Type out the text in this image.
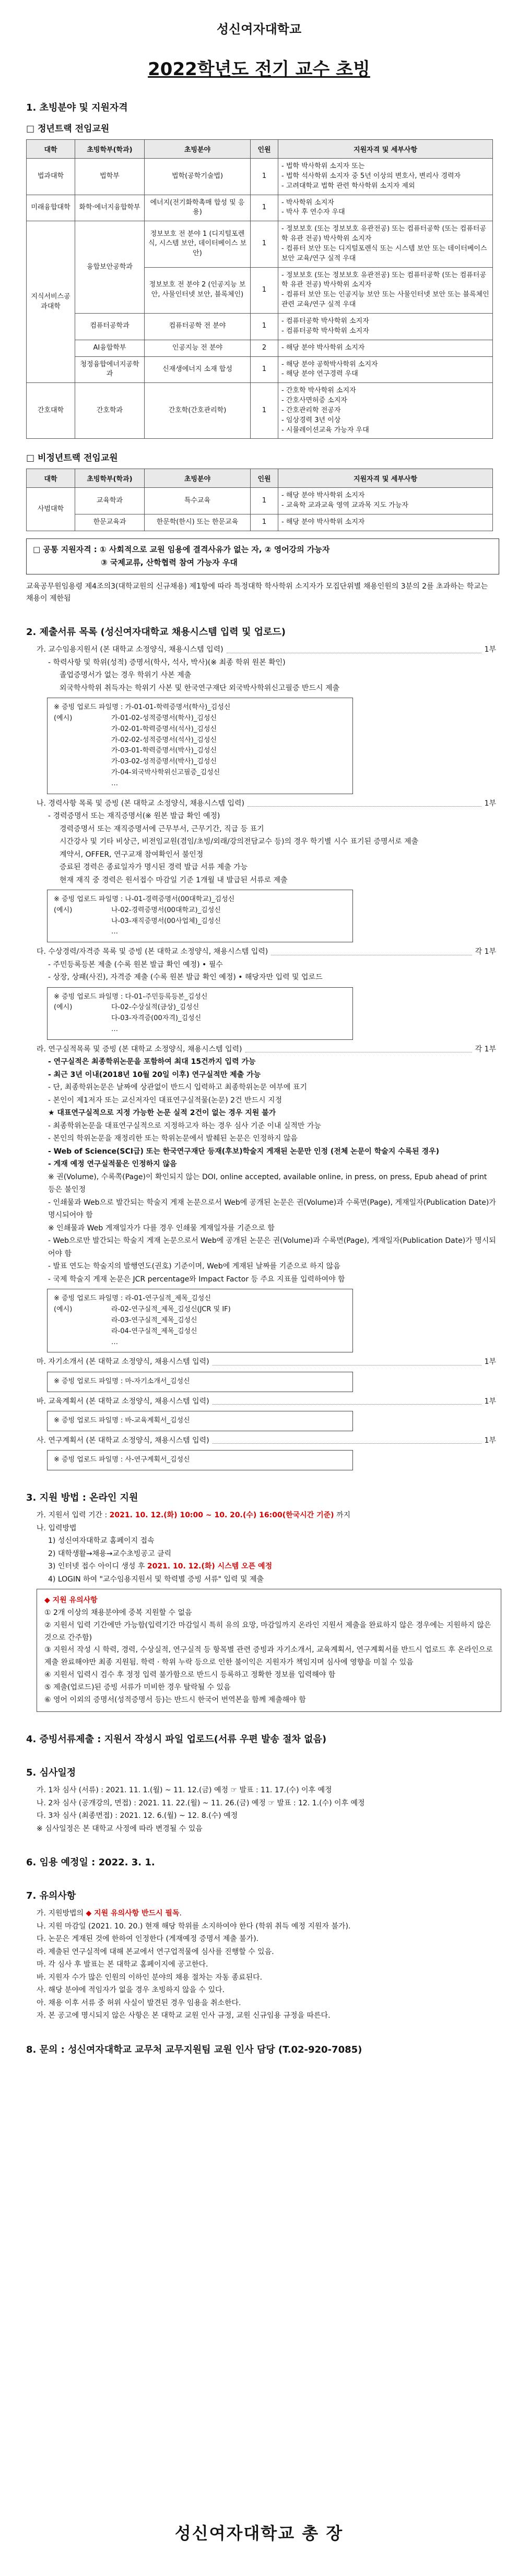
성신여자대학교
2022학년도 전기 교수 초빙
1. 초빙분야 및 지원자격
□ 정년트랙 전임교원
대학	초빙학부(학과)	초빙분야	인원	지원자격 및 세부사항
법과대학	법학부	법학(공학기술법)	1	- 법학 박사학위 소지자 또는
- 법학 석사학위 소지자 중 5년 이상의 변호사, 변리사 경력자
- 고려대학교 법학 관련 학사학위 소지자 제외

미래융합대학	화학·에너지융합학부	에너지(전기화학촉매 합성 및 응용)	1	- 박사학위 소지자
- 박사 후 연수자 우대

지식서비스공과대학	융합보안공학과	정보보호 전 분야 1 (디지털포렌식, 시스템 보안, 데이터베이스 보안)	1	- 정보보호 (또는 정보보호 유관전공) 또는 컴퓨터공학 (또는 컴퓨터공학 유관 전공) 박사학위 소지자
- 컴퓨터 보안 또는 디지털포렌식 또는 시스템 보안 또는 데이터베이스 보안 교육/연구 실적 우대

		정보보호 전 분야 2 (인공지능 보안, 사물인터넷 보안, 블록체인)	1	- 정보보호 (또는 정보보호 유관전공) 또는 컴퓨터공학 (또는 컴퓨터공학 유관 전공) 박사학위 소지자
- 컴퓨터 보안 또는 인공지능 보안 또는 사물인터넷 보안 또는 블록체인 관련 교육/연구 실적 우대

	컴퓨터공학과	컴퓨터공학 전 분야	1	- 컴퓨터공학 박사학위 소지자
- 컴퓨터공학 박사학위 소지자

	AI융합학부	인공지능 전 분야	2	- 해당 분야 박사학위 소지자

	청정융합에너지공학과	신재생에너지 소재 합성	1	- 해당 분야 공학박사학위 소지자
- 해당 분야 연구경력 우대

간호대학	간호학과	간호학(간호관리학)	1	- 간호학 박사학위 소지자
- 간호사면허증 소지자
- 간호관리학 전공자
- 임상경력 3년 이상
- 시뮬레이션교육 가능자 우대
□ 비정년트랙 전임교원
대학	초빙학부(학과)	초빙분야	인원	지원자격 및 세부사항
사범대학	교육학과	특수교육	1	- 해당 분야 박사학위 소지자
- 교육학 교과교육 영역 교과목 지도 가능자

	한문교육과	한문학(한시) 또는 한문교육	1	- 해당 분야 박사학위 소지자
□ 공통 지원자격 : ① 사회적으로 교원 임용에 결격사유가 없는 자, ② 영어강의 가능자
③ 국제교류, 산학협력 참여 가능자 우대
교육공무원임용령 제4조의3(대학교원의 신규채용) 제1항에 따라 특정대학 학사학위 소지자가 모집단위별 채용인원의 3분의 2를 초과하는 학교는 채용이 제한됨
2. 제출서류 목록 (성신여자대학교 채용시스템 입력 및 업로드)
가. 교수임용지원서 (본 대학교 소정양식, 채용시스템 입력)	1부
- 학력사항 및 학위(성적) 증명서(학사, 석사, 박사)(※ 최종 학위 원본 확인)
졸업증명서가 없는 경우 학위기 사본 제출
외국학사학위 취득자는 학위기 사본 및 한국연구재단 외국박사학위신고필증 반드시 제출
※ 증빙 업로드 파일명 : 가-01-01-학력증명서(학사)_김성신
(예시)	가-01-02-성적증명서(학사)_김성신
가-02-01-학력증명서(석사)_김성신
가-02-02-성적증명서(석사)_김성신
가-03-01-학력증명서(박사)_김성신
가-03-02-성적증명서(박사)_김성신
가-04-외국박사학위신고필증_김성신
…
나. 경력사항 목록 및 증빙 (본 대학교 소정양식, 채용시스템 입력)	1부
- 경력증명서 또는 재직증명서(※ 원본 발급 확인 예정)
경력증명서 또는 재직증명서에 근무부서, 근무기간, 직급 등 표기
시간강사 및 기타 비상근, 비전임교원(겸임/초빙/외래/강의전담교수 등)의 경우 학기별 시수 표기된 증명서로 제출
계약서, OFFER, 연구교재 참여확인서 불인정
증료된 경력은 종료일자가 명시된 경력 발급 서류 제출 가능
현재 재직 중 경력은 원서접수 마감일 기준 1개월 내 발급된 서류로 제출
※ 증빙 업로드 파일명 : 나-01-경력증명서(00대학교)_김성신
(예시)	나-02-경력증명서(00대학교)_김성신
나-03-재직증명서(00사업체)_김성신
…
다. 수상경력/자격증 목록 및 증빙 (본 대학교 소정양식, 채용시스템 입력)	각 1부
- 주민등록등본 제출 (수록 원본 발급 확인 예정) • 필수
- 상장, 상패(사진), 자격증 제출 (수록 원본 발급 확인 예정) • 해당자만 입력 및 업로드
※ 증빙 업로드 파일명 : 다-01-주민등록등본_김성신
(예시)	다-02-수상실적(금상)_김성신
다-03-자격증(00자격)_김성신
…
라. 연구실적목록 및 증빙 (본 대학교 소정양식, 채용시스템 입력)	각 1부
- 연구실적은 최종학위논문을 포함하여 최대 15건까지 입력 가능
- 최근 3년 이내(2018년 10월 20일 이후) 연구실적만 제출 가능
- 단, 최종학위논문은 날짜에 상관없이 반드시 입력하고 최종학위논문 여부에 표기
- 본인이 제1저자 또는 교신저자인 대표연구실적물(논문) 2건 반드시 지정
★ 대표연구실적으로 지정 가능한 논문 실적 2건이 없는 경우 지원 불가
- 최종학위논문을 대표연구실적으로 지정하고자 하는 경우 심사 기준 이내 실적만 가능
- 본인의 학위논문을 재정리한 또는 학위논문에서 발췌된 논문은 인정하지 않음
- Web of Science(SCI급) 또는 한국연구재단 등재(후보)학술지 게재된 논문만 인정 (전체 논문이 학술지 수록된 경우)
- 게재 예정 연구실적물은 인정하지 않음
※ 권(Volume), 수록쪽(Page)이 확인되지 않는 DOI, online accepted, available online, in press, on press, Epub ahead of print 등은 불인정
- 인쇄물과 Web으로 발간되는 학술지 게재 논문으로서 Web에 공개된 논문은 권(Volume)과 수록면(Page), 게재일자(Publication Date)가 명시되어야 함
※ 인쇄물과 Web 게재일자가 다를 경우 인쇄물 게재일자를 기준으로 함
- Web으로만 발간되는 학술지 게재 논문으로서 Web에 공개된 논문은 권(Volume)과 수록면(Page), 게재일자(Publication Date)가 명시되어야 함
- 발표 연도는 학술지의 발행연도(권호) 기준이며, Web에 게재된 날짜를 기준으로 하지 않음
- 국제 학술지 게재 논문은 JCR percentage와 Impact Factor 등 주요 지표를 입력하여야 함
※ 증빙 업로드 파일명 : 라-01-연구실적_제목_김성신
(예시)	라-02-연구실적_제목_김성신(JCR 및 IF)
라-03-연구실적_제목_김성신
라-04-연구실적_제목_김성신
…
마. 자기소개서 (본 대학교 소정양식, 채용시스템 입력)	1부
※ 증빙 업로드 파일명 : 마-자기소개서_김성신
바. 교육계획서 (본 대학교 소정양식, 채용시스템 입력)	1부
※ 증빙 업로드 파일명 : 바-교육계획서_김성신
사. 연구계획서 (본 대학교 소정양식, 채용시스템 입력)	1부
※ 증빙 업로드 파일명 : 사-연구계획서_김성신
3. 지원 방법 : 온라인 지원
가. 지원서 입력 기간 : 2021. 10. 12.(화) 10:00 ~ 10. 20.(수) 16:00(한국시간 기준) 까지
나. 입력방법
1) 성신여자대학교 홈페이지 접속
2) 대학생활→채용→교수초빙공고 클릭
3) 인터넷 접수 아이디 생성 후 2021. 10. 12.(화) 시스템 오픈 예정
4) LOGIN 하여 "교수임용지원서 및 학력별 증빙 서류" 입력 및 제출
◆ 지원 유의사항
① 2개 이상의 채용분야에 중복 지원할 수 없음
② 지원서 입력 기간에만 가능함(입력기간 마감일시 특히 유의 요망, 마감일까지 온라인 지원서 제출을 완료하지 않은 경우에는 지원하지 않은 것으로 간주함)
③ 지원서 작성 시 학력, 경력, 수상실적, 연구실적 등 항목별 관련 증빙과 자기소개서, 교육계획서, 연구계획서를 반드시 업로드 후 온라인으로 제출 완료해야만 최종 지원됨. 학력 · 학위 누락 등으로 인한 불이익은 지원자가 책임지며 심사에 영향을 미칠 수 있음
④ 지원서 입력시 검수 후 정정 입력 불가함으로 반드시 등록하고 정확한 정보를 입력해야 함
⑤ 제출(업로드)된 증빙 서류가 미비한 경우 탈락될 수 있음
⑥ 영어 이외의 증명서(성적증명서 등)는 반드시 한국어 번역본을 함께 제출해야 함
4. 증빙서류제출 : 지원서 작성시 파일 업로드(서류 우편 발송 절차 없음)
5. 심사일정
가. 1차 심사 (서류) : 2021. 11. 1.(월) ~ 11. 12.(금) 예정 ☞ 발표 : 11. 17.(수) 이후 예정
나. 2차 심사 (공개강의, 면접) : 2021. 11. 22.(월) ~ 11. 26.(금) 예정 ☞ 발표 : 12. 1.(수) 이후 예정
다. 3차 심사 (최종면접) : 2021. 12. 6.(월) ~ 12. 8.(수) 예정
※ 심사일정은 본 대학교 사정에 따라 변경될 수 있음
6. 임용 예정일 : 2022. 3. 1.
7. 유의사항
가. 지원방법의 ◆ 지원 유의사항 반드시 필독.
나. 지원 마감일 (2021. 10. 20.) 현재 해당 학위를 소지하여야 한다 (학위 취득 예정 지원자 불가).
다. 논문은 게재된 것에 한하여 인정한다 (게재예정 증명서 제출 불가).
라. 제출된 연구실적에 대해 본교에서 연구업적물에 심사를 진행할 수 있음.
마. 각 심사 후 발표는 본 대학교 홈페이지에 공고한다.
바. 지원자 수가 많은 인원의 이하인 분야의 채용 절차는 자동 종료된다.
사. 해당 분야에 적임자가 없을 경우 초빙하지 않을 수 있다.
아. 채용 이후 서류 중 허위 사실이 발견된 경우 임용을 취소한다.
자. 본 공고에 명시되지 않은 사항은 본 대학교 교원 인사 규정, 교원 신규임용 규정을 따른다.
8. 문의 : 성신여자대학교 교무처 교무지원팀 교원 인사 담당 (T.02-920-7085)
성신여자대학교 총 장
